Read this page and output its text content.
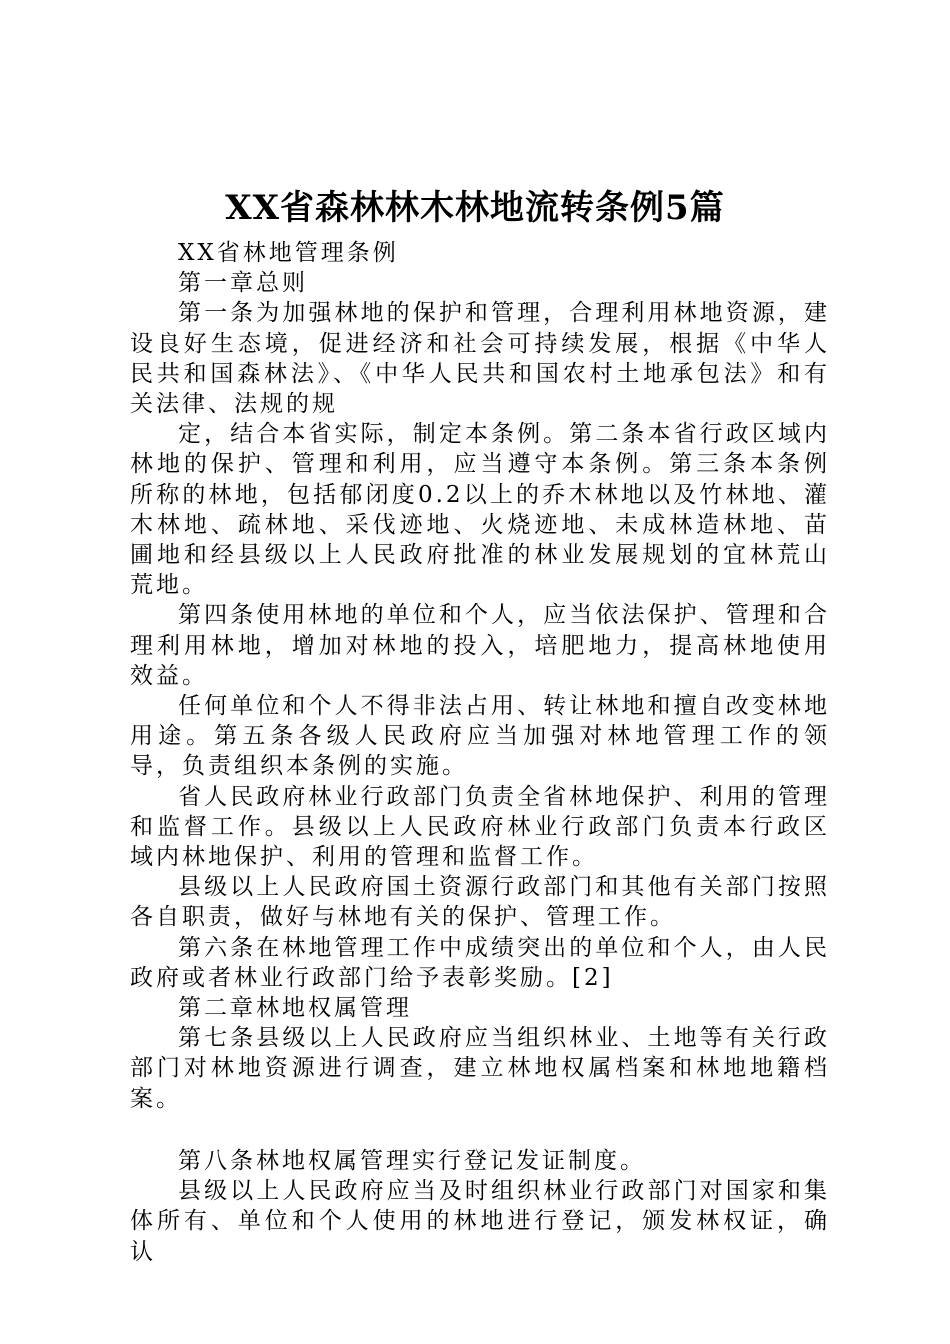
XX省森林林木林地流转条例5篇

XX省林地管理条例

第一章总则

第一条为加强林地的保护和管理，合理利用林地资源，建设良好生态境，促进经济和社会可持续发展，根据《中华人民共和国森林法》、《中华人民共和国农村土地承包法》和有关法律、法规的规

定，结合本省实际，制定本条例。第二条本省行政区域内林地的保护、管理和利用，应当遵守本条例。第三条本条例所称的林地，包括郁闭度0.2以上的乔木林地以及竹林地、灌木林地、疏林地、采伐迹地、火烧迹地、未成林造林地、苗圃地和经县级以上人民政府批准的林业发展规划的宜林荒山荒地。

第四条使用林地的单位和个人，应当依法保护、管理和合理利用林地，增加对林地的投入，培肥地力，提高林地使用效益。

任何单位和个人不得非法占用、转让林地和擅自改变林地用途。第五条各级人民政府应当加强对林地管理工作的领导，负责组织本条例的实施。

省人民政府林业行政部门负责全省林地保护、利用的管理和监督工作。县级以上人民政府林业行政部门负责本行政区域内林地保护、利用的管理和监督工作。

县级以上人民政府国土资源行政部门和其他有关部门按照各自职责，做好与林地有关的保护、管理工作。

第六条在林地管理工作中成绩突出的单位和个人，由人民政府或者林业行政部门给予表彰奖励。[2]

第二章林地权属管理

第七条县级以上人民政府应当组织林业、土地等有关行政部门对林地资源进行调查，建立林地权属档案和林地地籍档案。

第八条林地权属管理实行登记发证制度。

县级以上人民政府应当及时组织林业行政部门对国家和集体所有、单位和个人使用的林地进行登记，颁发林权证，确认
